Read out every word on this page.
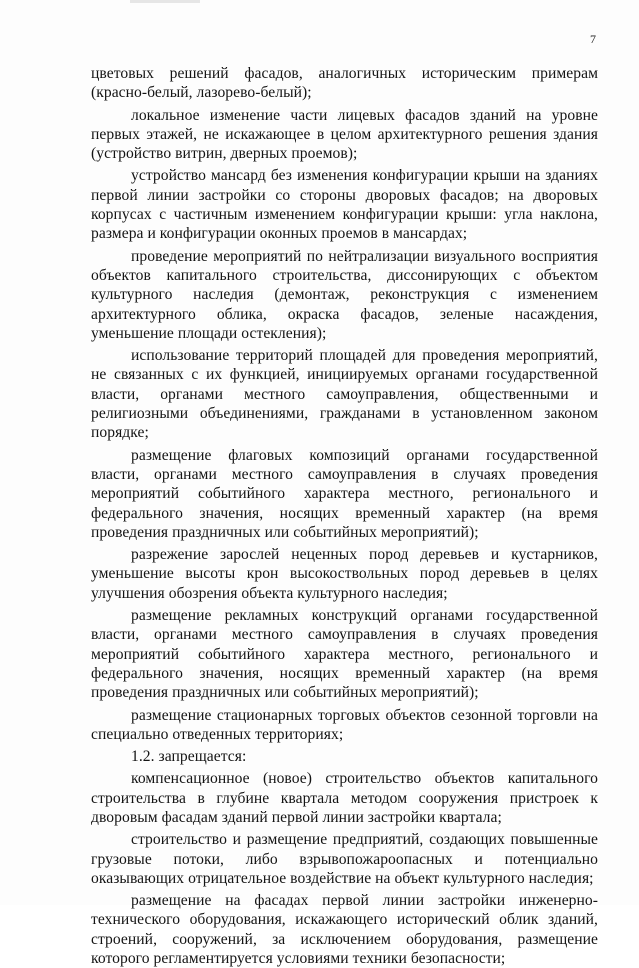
7

цветовых решений фасадов, аналогичных историческим примерам (красно-белый, лазорево-белый);

локальное изменение части лицевых фасадов зданий на уровне первых этажей, не искажающее в целом архитектурного решения здания (устройство витрин, дверных проемов);

устройство мансард без изменения конфигурации крыши на зданиях первой линии застройки со стороны дворовых фасадов; на дворовых корпусах с частичным изменением конфигурации крыши: угла наклона, размера и конфигурации оконных проемов в мансардах;

проведение мероприятий по нейтрализации визуального восприятия объектов капитального строительства, диссонирующих с объектом культурного наследия (демонтаж, реконструкция с изменением архитектурного облика, окраска фасадов, зеленые насаждения, уменьшение площади остекления);

использование территорий площадей для проведения мероприятий, не связанных с их функцией, инициируемых органами государственной власти, органами местного самоуправления, общественными и религиозными объединениями, гражданами в установленном законом порядке;

размещение флаговых композиций органами государственной власти, органами местного самоуправления в случаях проведения мероприятий событийного характера местного, регионального и федерального значения, носящих временный характер (на время проведения праздничных или событийных мероприятий);

разрежение зарослей неценных пород деревьев и кустарников, уменьшение высоты крон высокоствольных пород деревьев в целях улучшения обозрения объекта культурного наследия;

размещение рекламных конструкций органами государственной власти, органами местного самоуправления в случаях проведения мероприятий событийного характера местного, регионального и федерального значения, носящих временный характер (на время проведения праздничных или событийных мероприятий);

размещение стационарных торговых объектов сезонной торговли на специально отведенных территориях;

1.2. запрещается:

компенсационное (новое) строительство объектов капитального строительства в глубине квартала методом сооружения пристроек к дворовым фасадам зданий первой линии застройки квартала;

строительство и размещение предприятий, создающих повышенные грузовые потоки, либо взрывопожароопасных и потенциально оказывающих отрицательное воздействие на объект культурного наследия;

размещение на фасадах первой линии застройки инженерно-технического оборудования, искажающего исторический облик зданий, строений, сооружений, за исключением оборудования, размещение которого регламентируется условиями техники безопасности;
